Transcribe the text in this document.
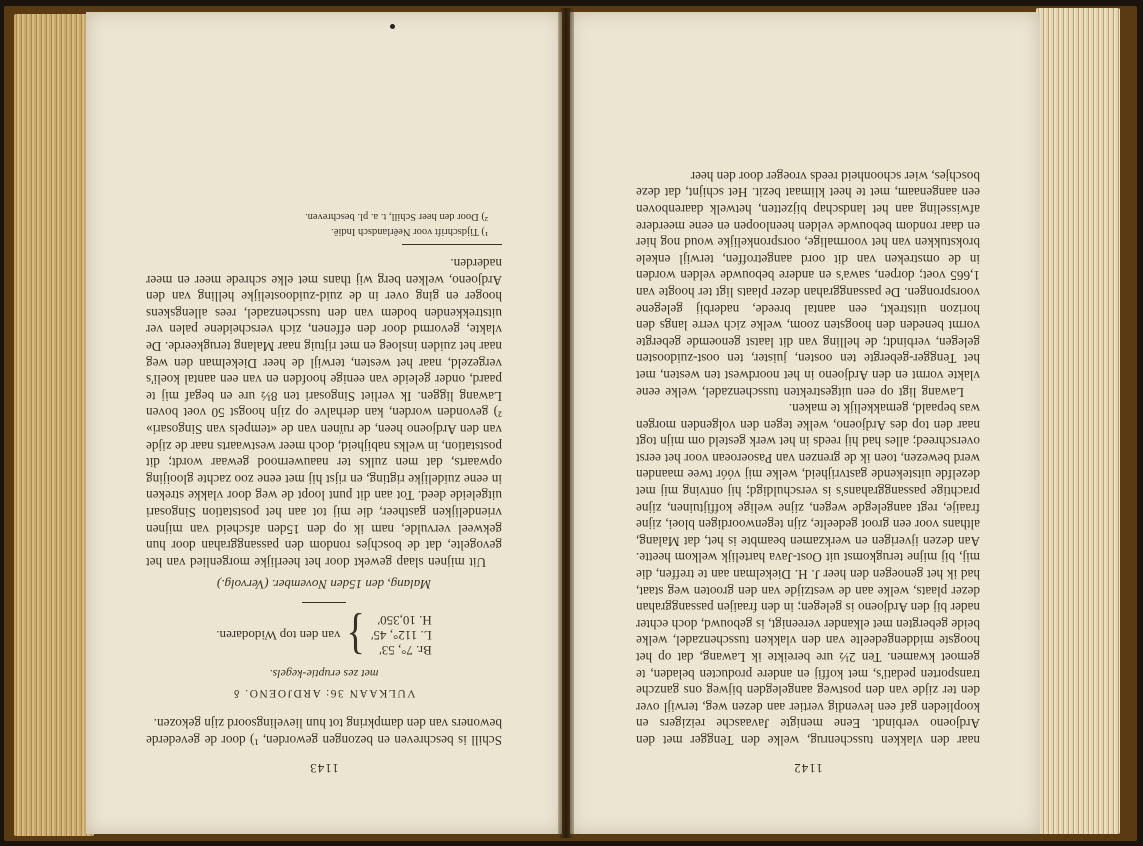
1143

Schill is beschreven en bezongen geworden, ¹) door de gevederde bewoners van den dampkring tot hun lievelingsoord zijn gekozen.

VULKAAN 36: ARDJOENO. δ
met zes eruptie-kegels.
Br. 7°, 53′
L. 112°, 45′
H. 10,350′
}
van den top Widodaren.
Malang, den 15den November. (Vervolg.)

Uit mijnen slaap gewekt door het heerlijke morgenlied van het gevogelte, dat de boschjes rondom den passanggrahan door hun gekweel vervulde, nam ik op den 15den afscheid van mijnen vriendelijken gastheer, die mij tot aan het poststation Singosari uitgeleide deed. Tot aan dit punt loopt de weg door vlakke streken in eene zuidelijke rigting, en rijst hij met eene zoo zachte glooijing opwaarts, dat men zulks ter naauwernood gewaar wordt; dit poststation, in welks nabijheid, doch meer westwaarts naar de zijde van den Ardjoeno heen, de ruïnen van de «tempels van Singosari» ²) gevonden worden, kan derhalve op zijn hoogst 50 voet boven Lawang liggen. Ik verliet Singosari ten 8½ ure en begaf mij te paard, onder geleide van eenige hoofden en van een aantal koeli's vergezeld, naar het westen, terwijl de heer Diekelman den weg naar het zuiden insloeg en met rijtuig naar Malang terugkeerde. De vlakte, gevormd door den effenen, zich verscheidene palen ver uitstrekkenden bodem van den tusschenzadel, rees allengskens hooger en ging over in de zuid-zuidoostelijke helling van den Ardjoeno, welken berg wij thans met elke schrede meer en meer naderden.

¹) Tijdschrift voor Neêrlandsch Indië.

²) Door den heer Schill, t. a. pl. beschreven.

1142

naar den vlakken tusschenrug, welke den Tengger met den Ardjoeno verbindt. Eene menigte Javaasche reizigers en kooplieden gaf een levendig vertier aan dezen weg, terwijl over den ter zijde van den postweg aangelegden bijweg ons ganzche transporten pedati's, met koffij en andere producten beladen, te gemoet kwamen. Ten 2½ ure bereikte ik Lawang, dat op het hoogste middengedeelte van den vlakken tusschenzadel, welke beide gebergten met elkander vereenigt, is gebouwd, doch echter nader bij den Ardjoeno is gelegen; in den fraaijen passanggrahan dezer plaats, welke aan de westzijde van den grooten weg staat, had ik het genoegen den heer J. H. Diekelman aan te treffen, die mij, bij mijne terugkomst uit Oost-Java hartelijk welkom heette. Aan dezen ijverigen en werkzamen beambte is het, dat Malang, althans voor een groot gedeelte, zijn tegenwoordigen bloei, zijne fraaije, regt aangelegde wegen, zijne welige koffijtuinen, zijne prachtige passanggrahans's is verschuldigd; hij ontving mij met dezelfde uitstekende gastvrijheid, welke mij vóór twee maanden werd bewezen, toen ik de grenzen van Pasoeroean voor het eerst overschreed; alles had hij reeds in het werk gesteld om mijn togt naar den top des Ardjoeno, welke tegen den volgenden morgen was bepaald, gemakkelijk te maken.

Lawang ligt op een uitgestrekten tusschenzadel, welke eene vlakte vormt en den Ardjoeno in het noordwest ten westen, met het Tengger-gebergte ten oosten, juister, ten oost-zuidoosten gelegen, verbindt; de helling van dit laatst genoemde gebergte vormt beneden den hoogsten zoom, welke zich verre langs den horizon uitstrekt, een aantal breede, naderbij gelegene voorsprongen. De passanggrahan dezer plaats ligt ter hoogte van 1,665 voet; dorpen, sawa's en andere bebouwde velden worden in de omstreken van dit oord aangetroffen, terwijl enkele brokstukken van het voormalige, oorspronkelijke woud nog hier en daar rondom bebouwde velden heenloopen en eene meerdere afwisseling aan het landschap bijzetten, hetwelk daarenboven een aangenaam, met te heet klimaat bezit. Het schijnt, dat deze boschjes, wier schoonheid reeds vroeger door den heer
